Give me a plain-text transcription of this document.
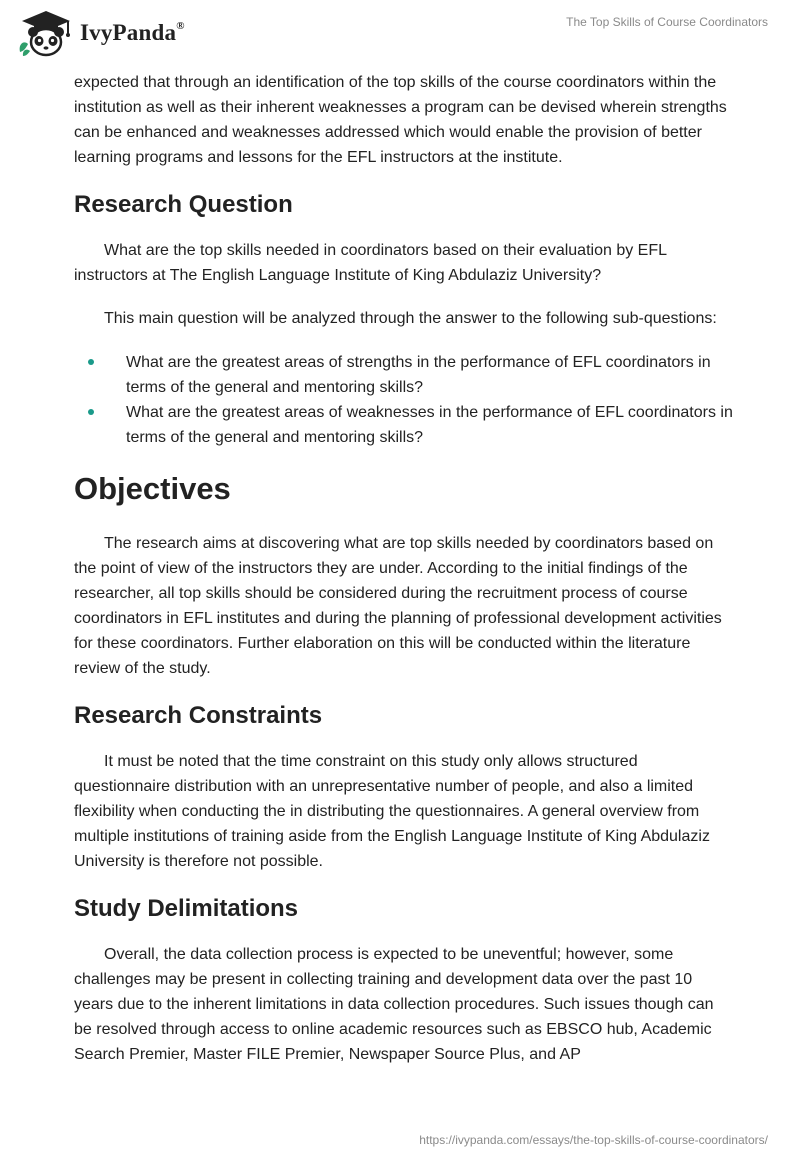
IvyPanda®	The Top Skills of Course Coordinators

expected that through an identification of the top skills of the course coordinators within the institution as well as their inherent weaknesses a program can be devised wherein strengths can be enhanced and weaknesses addressed which would enable the provision of better learning programs and lessons for the EFL instructors at the institute.

Research Question

What are the top skills needed in coordinators based on their evaluation by EFL instructors at The English Language Institute of King Abdulaziz University?

This main question will be analyzed through the answer to the following sub-questions:

What are the greatest areas of strengths in the performance of EFL coordinators in terms of the general and mentoring skills?
What are the greatest areas of weaknesses in the performance of EFL coordinators in terms of the general and mentoring skills?
Objectives

The research aims at discovering what are top skills needed by coordinators based on the point of view of the instructors they are under. According to the initial findings of the researcher, all top skills should be considered during the recruitment process of course coordinators in EFL institutes and during the planning of professional development activities for these coordinators. Further elaboration on this will be conducted within the literature review of the study.

Research Constraints

It must be noted that the time constraint on this study only allows structured questionnaire distribution with an unrepresentative number of people, and also a limited flexibility when conducting the in distributing the questionnaires. A general overview from multiple institutions of training aside from the English Language Institute of King Abdulaziz University is therefore not possible.

Study Delimitations

Overall, the data collection process is expected to be uneventful; however, some challenges may be present in collecting training and development data over the past 10 years due to the inherent limitations in data collection procedures. Such issues though can be resolved through access to online academic resources such as EBSCO hub, Academic Search Premier, Master FILE Premier, Newspaper Source Plus, and AP

https://ivypanda.com/essays/the-top-skills-of-course-coordinators/
